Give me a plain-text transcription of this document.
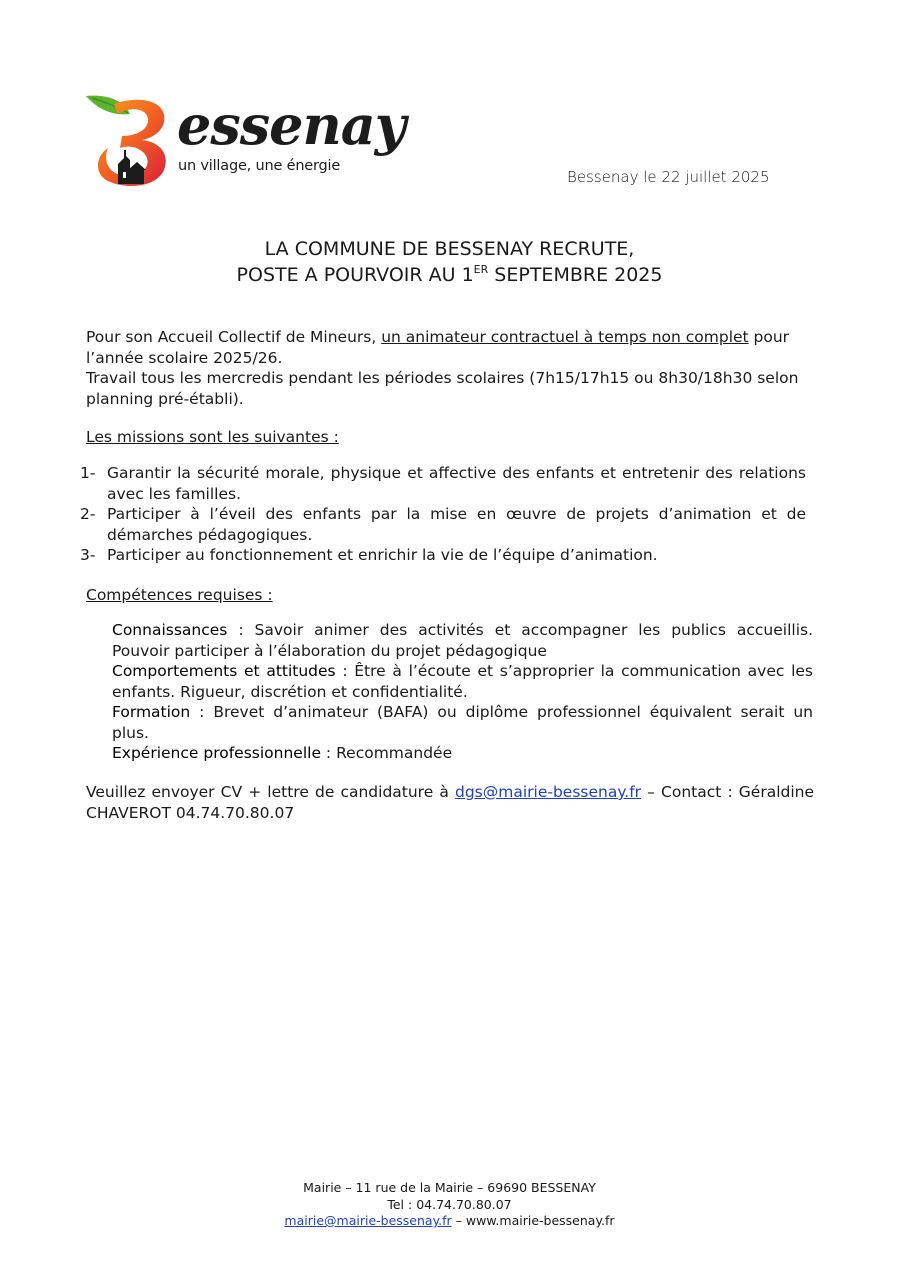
essenay
un village, une énergie
Bessenay le 22 juillet 2025
LA COMMUNE DE BESSENAY RECRUTE,
POSTE A POURVOIR AU 1ER SEPTEMBRE 2025
Pour son Accueil Collectif de Mineurs, un animateur contractuel à temps non complet pour l’année scolaire 2025/26.
Travail tous les mercredis pendant les périodes scolaires (7h15/17h15 ou 8h30/18h30 selon planning pré-établi).
Les missions sont les suivantes :
1- Garantir la sécurité morale, physique et affective des enfants et entretenir des relations avec les familles.
2- Participer à l’éveil des enfants par la mise en œuvre de projets d’animation et de démarches pédagogiques.
3- Participer au fonctionnement et enrichir la vie de l’équipe d’animation.
Compétences requises :
Connaissances : Savoir animer des activités et accompagner les publics accueillis. Pouvoir participer à l’élaboration du projet pédagogique
Comportements et attitudes : Être à l’écoute et s’approprier la communication avec les enfants. Rigueur, discrétion et confidentialité.
Formation : Brevet d’animateur (BAFA) ou diplôme professionnel équivalent serait un plus.
Expérience professionnelle : Recommandée
Veuillez envoyer CV + lettre de candidature à dgs@mairie-bessenay.fr – Contact : Géraldine CHAVEROT 04.74.70.80.07
Mairie – 11 rue de la Mairie – 69690 BESSENAY
Tel : 04.74.70.80.07
mairie@mairie-bessenay.fr – www.mairie-bessenay.fr
